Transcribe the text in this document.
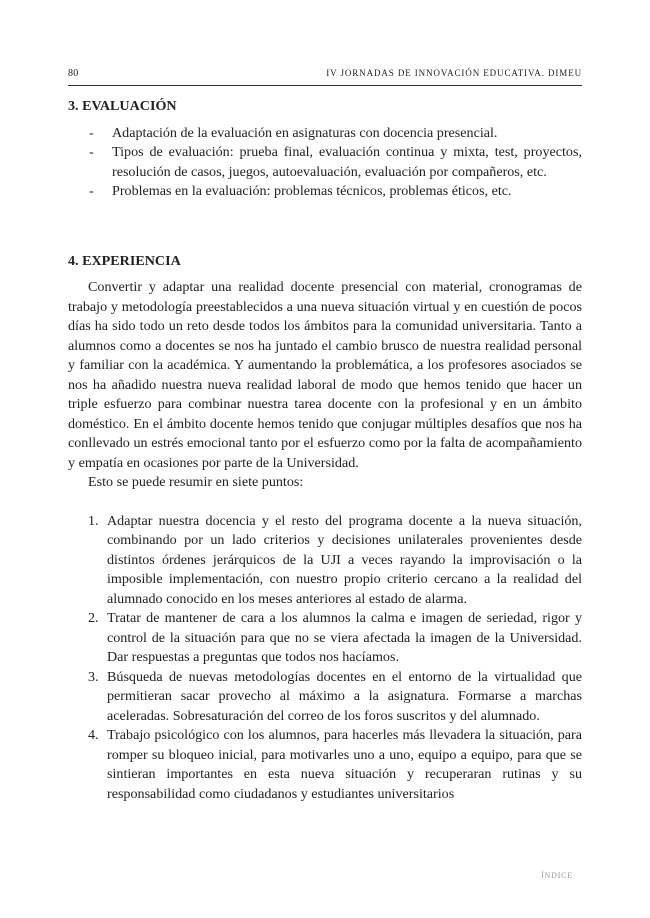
80	IV JORNADAS DE INNOVACIÓN EDUCATIVA. DIMEU
3. EVALUACIÓN
- Adaptación de la evaluación en asignaturas con docencia presencial.
- Tipos de evaluación: prueba final, evaluación continua y mixta, test, proyectos, resolución de casos, juegos, autoevaluación, evaluación por compañeros, etc.
- Problemas en la evaluación: problemas técnicos, problemas éticos, etc.
4. EXPERIENCIA

Convertir y adaptar una realidad docente presencial con material, cronogramas de trabajo y metodología preestablecidos a una nueva situación virtual y en cuestión de pocos días ha sido todo un reto desde todos los ámbitos para la comunidad universitaria. Tanto a alumnos como a docentes se nos ha juntado el cambio brusco de nuestra realidad personal y familiar con la académica. Y aumentando la problemática, a los profesores asociados se nos ha añadido nuestra nueva realidad laboral de modo que hemos tenido que hacer un triple esfuerzo para combinar nuestra tarea docente con la profesional y en un ámbito doméstico. En el ámbito docente hemos tenido que conjugar múltiples desafíos que nos ha conllevado un estrés emocional tanto por el esfuerzo como por la falta de acompañamiento y empatía en ocasiones por parte de la Universidad.

Esto se puede resumir en siete puntos:

1. Adaptar nuestra docencia y el resto del programa docente a la nueva situación, combinando por un lado criterios y decisiones unilaterales provenientes desde distintos órdenes jerárquicos de la UJI a veces rayando la improvisación o la imposible implementación, con nuestro propio criterio cercano a la realidad del alumnado conocido en los meses anteriores al estado de alarma.
2. Tratar de mantener de cara a los alumnos la calma e imagen de seriedad, rigor y control de la situación para que no se viera afectada la imagen de la Universidad. Dar respuestas a preguntas que todos nos hacíamos.
3. Búsqueda de nuevas metodologías docentes en el entorno de la virtualidad que permitieran sacar provecho al máximo a la asignatura. Formarse a marchas aceleradas. Sobresaturación del correo de los foros suscritos y del alumnado.
4. Trabajo psicológico con los alumnos, para hacerles más llevadera la situación, para romper su bloqueo inicial, para motivarles uno a uno, equipo a equipo, para que se sintieran importantes en esta nueva situación y recuperaran rutinas y su responsabilidad como ciudadanos y estudiantes universitarios
ÍNDICE
